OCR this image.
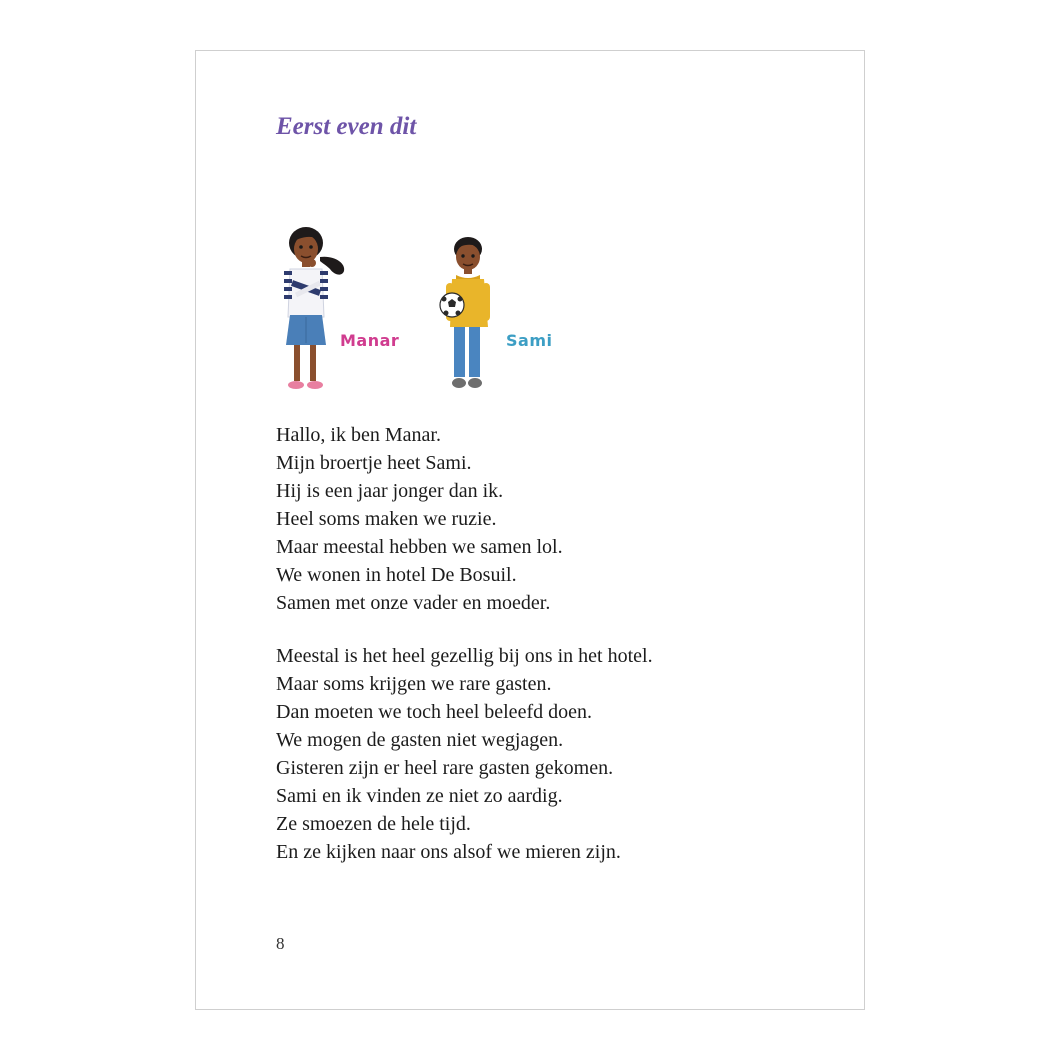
Eerst even dit
Manar	Sami
Hallo, ik ben Manar.
Mijn broertje heet Sami.
Hij is een jaar jonger dan ik.
Heel soms maken we ruzie.
Maar meestal hebben we samen lol.
We wonen in hotel De Bosuil.
Samen met onze vader en moeder.
Meestal is het heel gezellig bij ons in het hotel.
Maar soms krijgen we rare gasten.
Dan moeten we toch heel beleefd doen.
We mogen de gasten niet wegjagen.
Gisteren zijn er heel rare gasten gekomen.
Sami en ik vinden ze niet zo aardig.
Ze smoezen de hele tijd.
En ze kijken naar ons alsof we mieren zijn.
8
